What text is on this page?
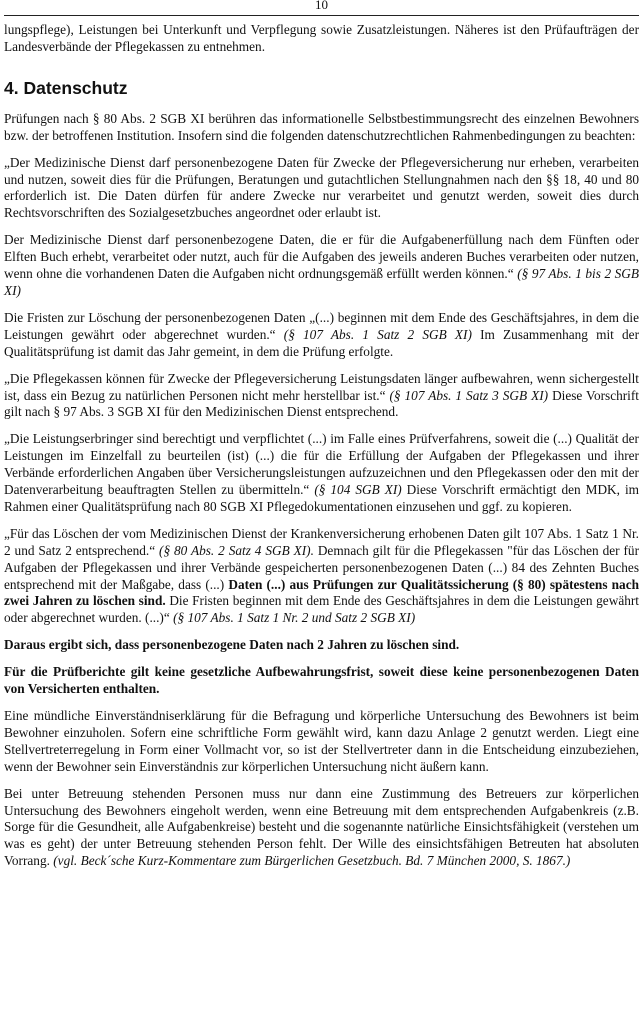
10

lungspflege), Leistungen bei Unterkunft und Verpflegung sowie Zusatzleistungen. Näheres ist den Prüfaufträgen der Landesverbände der Pflegekassen zu entnehmen.

4. Datenschutz

Prüfungen nach § 80 Abs. 2 SGB XI berühren das informationelle Selbstbestimmungsrecht des einzelnen Bewohners bzw. der betroffenen Institution. Insofern sind die folgenden datenschutzrechtlichen Rahmenbedingungen zu beachten:

„Der Medizinische Dienst darf personenbezogene Daten für Zwecke der Pflegeversicherung nur erheben, verarbeiten und nutzen, soweit dies für die Prüfungen, Beratungen und gutachtlichen Stellungnahmen nach den §§ 18, 40 und 80 erforderlich ist. Die Daten dürfen für andere Zwecke nur verarbeitet und genutzt werden, soweit dies durch Rechtsvorschriften des Sozialgesetzbuches angeordnet oder erlaubt ist.

Der Medizinische Dienst darf personenbezogene Daten, die er für die Aufgabenerfüllung nach dem Fünften oder Elften Buch erhebt, verarbeitet oder nutzt, auch für die Aufgaben des jeweils anderen Buches verarbeiten oder nutzen, wenn ohne die vorhandenen Daten die Aufgaben nicht ordnungsgemäß erfüllt werden können.“ (§ 97 Abs. 1 bis 2 SGB XI)

Die Fristen zur Löschung der personenbezogenen Daten „(...) beginnen mit dem Ende des Geschäftsjahres, in dem die Leistungen gewährt oder abgerechnet wurden.“ (§ 107 Abs. 1 Satz 2 SGB XI) Im Zusammenhang mit der Qualitätsprüfung ist damit das Jahr gemeint, in dem die Prüfung erfolgte.

„Die Pflegekassen können für Zwecke der Pflegeversicherung Leistungsdaten länger aufbewahren, wenn sichergestellt ist, dass ein Bezug zu natürlichen Personen nicht mehr herstellbar ist.“ (§ 107 Abs. 1 Satz 3 SGB XI) Diese Vorschrift gilt nach § 97 Abs. 3 SGB XI für den Medizinischen Dienst entsprechend.

„Die Leistungserbringer sind berechtigt und verpflichtet (...) im Falle eines Prüfverfahrens, soweit die (...) Qualität der Leistungen im Einzelfall zu beurteilen (ist) (...) die für die Erfüllung der Aufgaben der Pflegekassen und ihrer Verbände erforderlichen Angaben über Versicherungsleistungen aufzuzeichnen und den Pflegekassen oder den mit der Datenverarbeitung beauftragten Stellen zu übermitteln.“ (§ 104 SGB XI) Diese Vorschrift ermächtigt den MDK, im Rahmen einer Qualitätsprüfung nach 80 SGB XI Pflegedokumentationen einzusehen und ggf. zu kopieren.

„Für das Löschen der vom Medizinischen Dienst der Krankenversicherung erhobenen Daten gilt 107 Abs. 1 Satz 1 Nr. 2 und Satz 2 entsprechend.“ (§ 80 Abs. 2 Satz 4 SGB XI). Demnach gilt für die Pflegekassen "für das Löschen der für Aufgaben der Pflegekassen und ihrer Verbände gespeicherten personenbezogenen Daten (...) 84 des Zehnten Buches entsprechend mit der Maßgabe, dass (...) Daten (...) aus Prüfungen zur Qualitätssicherung (§ 80) spätestens nach zwei Jahren zu löschen sind. Die Fristen beginnen mit dem Ende des Geschäftsjahres in dem die Leistungen gewährt oder abgerechnet wurden. (...)“ (§ 107 Abs. 1 Satz 1 Nr. 2 und Satz 2 SGB XI)

Daraus ergibt sich, dass personenbezogene Daten nach 2 Jahren zu löschen sind.

Für die Prüfberichte gilt keine gesetzliche Aufbewahrungsfrist, soweit diese keine personenbezogenen Daten von Versicherten enthalten.

Eine mündliche Einverständniserklärung für die Befragung und körperliche Untersuchung des Bewohners ist beim Bewohner einzuholen. Sofern eine schriftliche Form gewählt wird, kann dazu Anlage 2 genutzt werden. Liegt eine Stellvertreterregelung in Form einer Vollmacht vor, so ist der Stellvertreter dann in die Entscheidung einzubeziehen, wenn der Bewohner sein Einverständnis zur körperlichen Untersuchung nicht äußern kann.

Bei unter Betreuung stehenden Personen muss nur dann eine Zustimmung des Betreuers zur körperlichen Untersuchung des Bewohners eingeholt werden, wenn eine Betreuung mit dem entsprechenden Aufgabenkreis (z.B. Sorge für die Gesundheit, alle Aufgabenkreise) besteht und die sogenannte natürliche Einsichtsfähigkeit (verstehen um was es geht) der unter Betreuung stehenden Person fehlt. Der Wille des einsichtsfähigen Betreuten hat absoluten Vorrang. (vgl. Beck´sche Kurz-Kommentare zum Bürgerlichen Gesetzbuch. Bd. 7 München 2000, S. 1867.)
